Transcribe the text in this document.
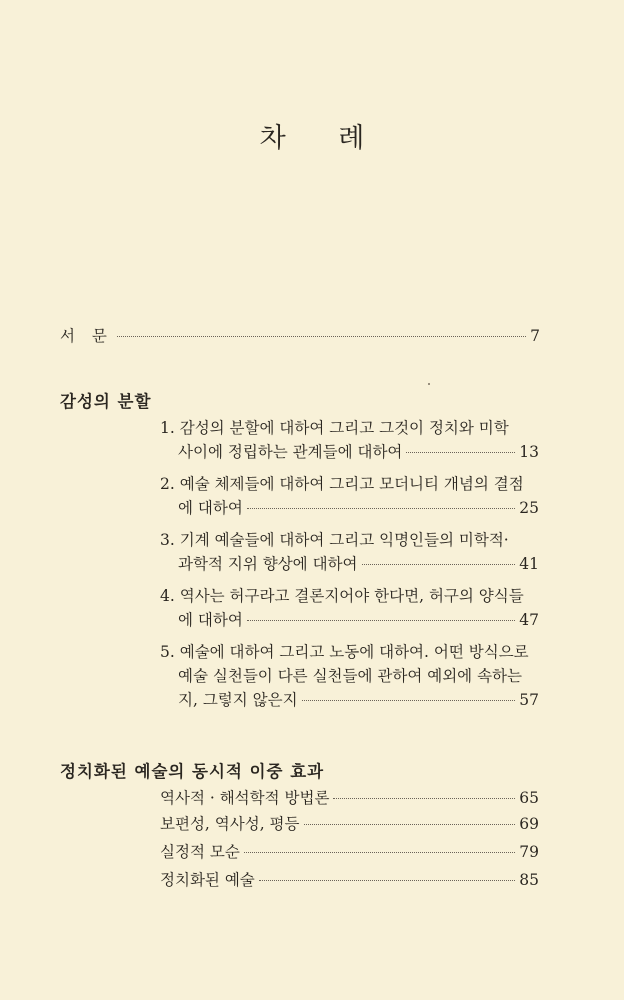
차 례
서 문	7
감성의 분할
1. 감성의 분할에 대하여 그리고 그것이 정치와 미학
사이에 정립하는 관계들에 대하여	13
2. 예술 체제들에 대하여 그리고 모더니티 개념의 결점
에 대하여	25
3. 기계 예술들에 대하여 그리고 익명인들의 미학적·
과학적 지위 향상에 대하여	41
4. 역사는 허구라고 결론지어야 한다면, 허구의 양식들
에 대하여	47
5. 예술에 대하여 그리고 노동에 대하여. 어떤 방식으로
예술 실천들이 다른 실천들에 관하여 예외에 속하는
지, 그렇지 않은지	57
정치화된 예술의 동시적 이중 효과
역사적 · 해석학적 방법론	65
보편성, 역사성, 평등	69
실정적 모순	79
정치화된 예술	85
